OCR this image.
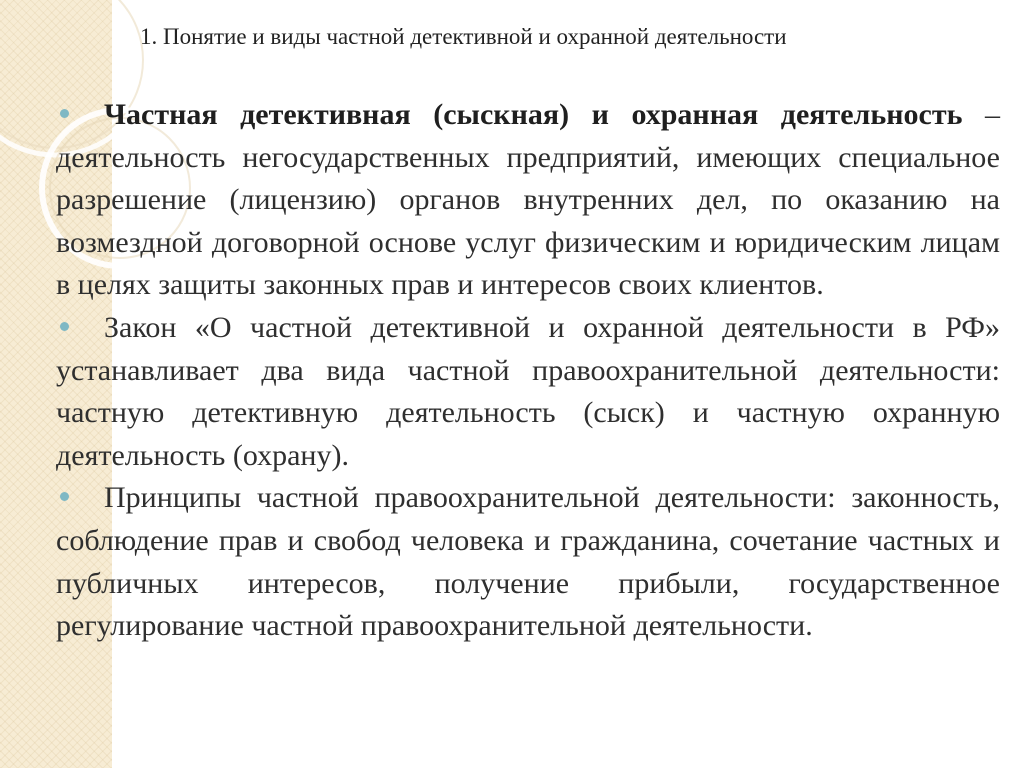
1. Понятие и виды частной детективной и охранной деятельности

Частная детективная (сыскная) и охранная деятельность – деятельность негосударственных предприятий, имеющих специальное разрешение (лицензию) органов внутренних дел, по оказанию на возмездной договорной основе услуг физическим и юридическим лицам в целях защиты законных прав и интересов своих клиентов.

Закон «О частной детективной и охранной деятельности в РФ» устанавливает два вида частной правоохранительной деятельности: частную детективную деятельность (сыск) и частную охранную деятельность (охрану).

Принципы частной правоохранительной деятельности: законность, соблюдение прав и свобод человека и гражданина, сочетание частных и публичных интересов, получение прибыли, государственное регулирование частной правоохранительной деятельности.
